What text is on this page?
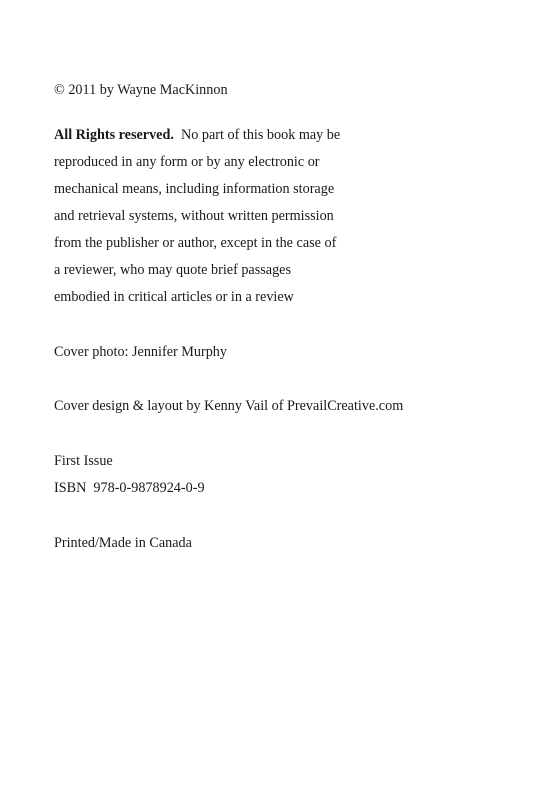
© 2011 by Wayne MacKinnon
All Rights reserved. No part of this book may be
reproduced in any form or by any electronic or
mechanical means, including information storage
and retrieval systems, without written permission
from the publisher or author, except in the case of
a reviewer, who may quote brief passages
embodied in critical articles or in a review
Cover photo: Jennifer Murphy
Cover design & layout by Kenny Vail of PrevailCreative.com
First Issue
ISBN  978-0-9878924-0-9
Printed/Made in Canada
